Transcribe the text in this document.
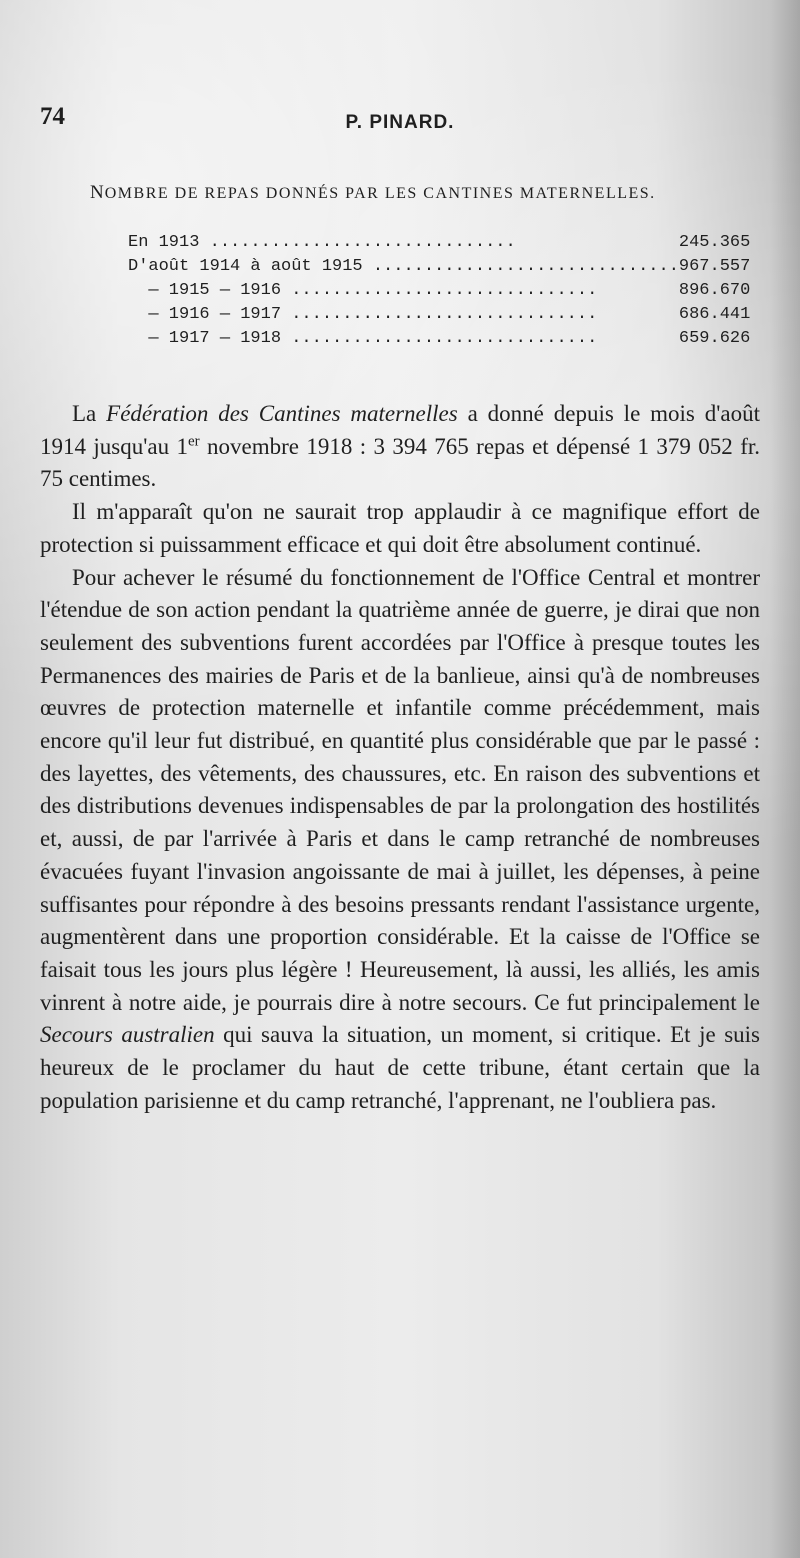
74	P. PINARD.
NOMBRE DE REPAS DONNÉS PAR LES CANTINES MATERNELLES.
En 1913 ..............................	245.365
D'août 1914 à août 1915 ..............................	967.557
— 1915 — 1916 ..............................	896.670
— 1916 — 1917 ..............................	686.441
— 1917 — 1918 ..............................	659.626

La Fédération des Cantines maternelles a donné depuis le mois d'août 1914 jusqu'au 1er novembre 1918 : 3 394 765 repas et dépensé 1 379 052 fr. 75 centimes.

Il m'apparaît qu'on ne saurait trop applaudir à ce magnifique effort de protection si puissamment efficace et qui doit être absolument continué.

Pour achever le résumé du fonctionnement de l'Office Central et montrer l'étendue de son action pendant la quatrième année de guerre, je dirai que non seulement des subventions furent accordées par l'Office à presque toutes les Permanences des mairies de Paris et de la banlieue, ainsi qu'à de nombreuses œuvres de protection maternelle et infantile comme précédemment, mais encore qu'il leur fut distribué, en quantité plus considérable que par le passé : des layettes, des vêtements, des chaussures, etc. En raison des subventions et des distributions devenues indispensables de par la prolongation des hostilités et, aussi, de par l'arrivée à Paris et dans le camp retranché de nombreuses évacuées fuyant l'invasion angoissante de mai à juillet, les dépenses, à peine suffisantes pour répondre à des besoins pressants rendant l'assistance urgente, augmentèrent dans une proportion considérable. Et la caisse de l'Office se faisait tous les jours plus légère ! Heureusement, là aussi, les alliés, les amis vinrent à notre aide, je pourrais dire à notre secours. Ce fut principalement le Secours australien qui sauva la situation, un moment, si critique. Et je suis heureux de le proclamer du haut de cette tribune, étant certain que la population parisienne et du camp retranché, l'apprenant, ne l'oubliera pas.
